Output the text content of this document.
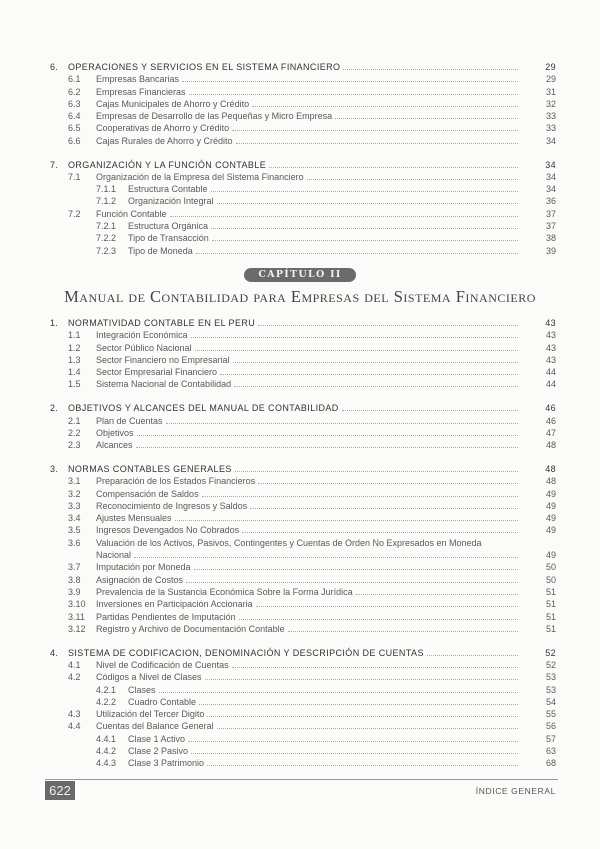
6. OPERACIONES Y SERVICIOS EN EL SISTEMA FINANCIERO	29
6.1 Empresas Bancarias	29
6.2 Empresas Financieras	31
6.3 Cajas Municipales de Ahorro y Crédito	32
6.4 Empresas de Desarrollo de las Pequeñas y Micro Empresa	33
6.5 Cooperativas de Ahorro y Crédito	33
6.6 Cajas Rurales de Ahorro y Crédito	34
7. ORGANIZACIÓN Y LA FUNCIÓN CONTABLE	34
7.1 Organización de la Empresa del Sistema Financiero	34
7.1.1 Estructura Contable	34
7.1.2 Organización Integral	36
7.2 Función Contable	37
7.2.1 Estructura Orgánica	37
7.2.2 Tipo de Transacción	38
7.2.3 Tipo de Moneda	39
CAPÍTULO II
Manual de Contabilidad para Empresas del Sistema Financiero
1. NORMATIVIDAD CONTABLE EN EL PERU	43
1.1 Integración Económica	43
1.2 Sector Público Nacional	43
1.3 Sector Financiero no Empresarial	43
1.4 Sector Empresarial Financiero	44
1.5 Sistema Nacional de Contabilidad	44
2. OBJETIVOS Y ALCANCES DEL MANUAL DE CONTABILIDAD	46
2.1 Plan de Cuentas	46
2.2 Objetivos	47
2.3 Alcances	48
3. NORMAS CONTABLES GENERALES	48
3.1 Preparación de los Estados Financieros	48
3.2 Compensación de Saldos	49
3.3 Reconocimiento de Ingresos y Saldos	49
3.4 Ajustes Mensuales	49
3.5 Ingresos Devengados No Cobrados	49
3.6 Valuación de los Activos, Pasivos, Contingentes y Cuentas de Orden No Expresados en Moneda
Nacional	49
3.7 Imputación por Moneda	50
3.8 Asignación de Costos	50
3.9 Prevalencia de la Sustancia Económica Sobre la Forma Jurídica	51
3.10 Inversiones en Participación Accionaria	51
3.11 Partidas Pendientes de Imputación	51
3.12 Registro y Archivo de Documentación Contable	51
4. SISTEMA DE CODIFICACION, DENOMINACIÓN Y DESCRIPCIÓN DE CUENTAS	52
4.1 Nivel de Codificación de Cuentas	52
4.2 Códigos a Nivel de Clases	53
4.2.1 Clases	53
4.2.2 Cuadro Contable	54
4.3 Utilización del Tercer Digito	55
4.4 Cuentas del Balance General	56
4.4.1 Clase 1 Activo	57
4.4.2 Clase 2 Pasivo	63
4.4.3 Clase 3 Patrimonio	68
622	ÍNDICE GENERAL
